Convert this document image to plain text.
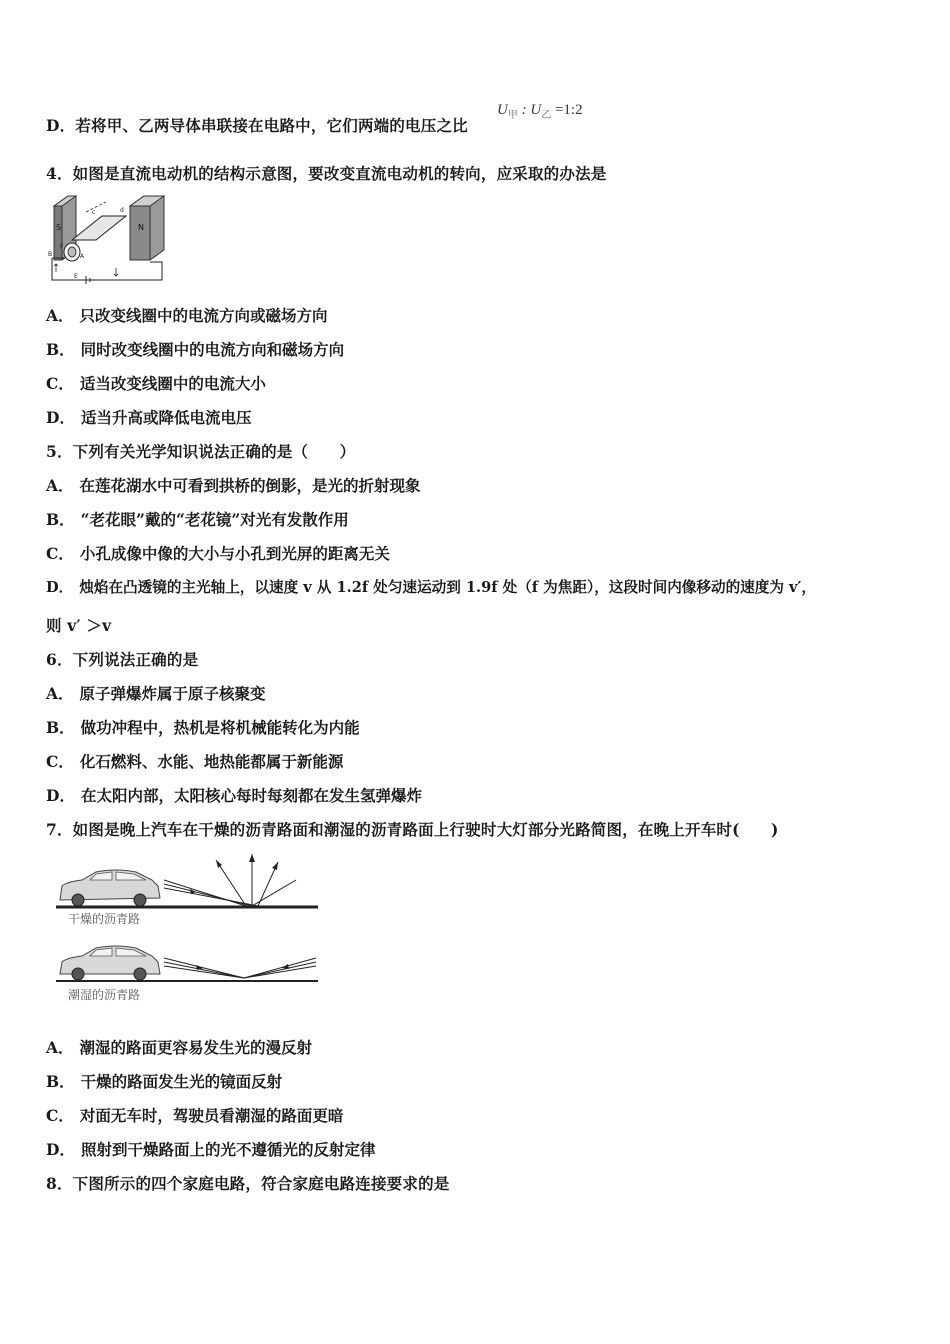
D．若将甲、乙两导体串联接在电路中，它们两端的电压之比
$U_甲$ : $U_乙$ =1:2
4．如图是直流电动机的结构示意图，要改变直流电动机的转向，应采取的办法是
S	N
c	d
F
A
B
E
A． 只改变线圈中的电流方向或磁场方向
B． 同时改变线圈中的电流方向和磁场方向
C． 适当改变线圈中的电流大小
D． 适当升高或降低电流电压
5．下列有关光学知识说法正确的是（　　）
A． 在莲花湖水中可看到拱桥的倒影，是光的折射现象
B． “老花眼”戴的“老花镜”对光有发散作用
C． 小孔成像中像的大小与小孔到光屏的距离无关
D． 烛焰在凸透镜的主光轴上，以速度 v 从 1.2f 处匀速运动到 1.9f 处（f 为焦距），这段时间内像移动的速度为 v′，
则 v′ ＞v
6．下列说法正确的是
A． 原子弹爆炸属于原子核聚变
B． 做功冲程中，热机是将机械能转化为内能
C． 化石燃料、水能、地热能都属于新能源
D． 在太阳内部，太阳核心每时每刻都在发生氢弹爆炸
7．如图是晚上汽车在干燥的沥青路面和潮湿的沥青路面上行驶时大灯部分光路简图，在晚上开车时(　　)
干燥的沥青路
潮湿的沥青路
A． 潮湿的路面更容易发生光的漫反射
B． 干燥的路面发生光的镜面反射
C． 对面无车时，驾驶员看潮湿的路面更暗
D． 照射到干燥路面上的光不遵循光的反射定律
8．下图所示的四个家庭电路，符合家庭电路连接要求的是
